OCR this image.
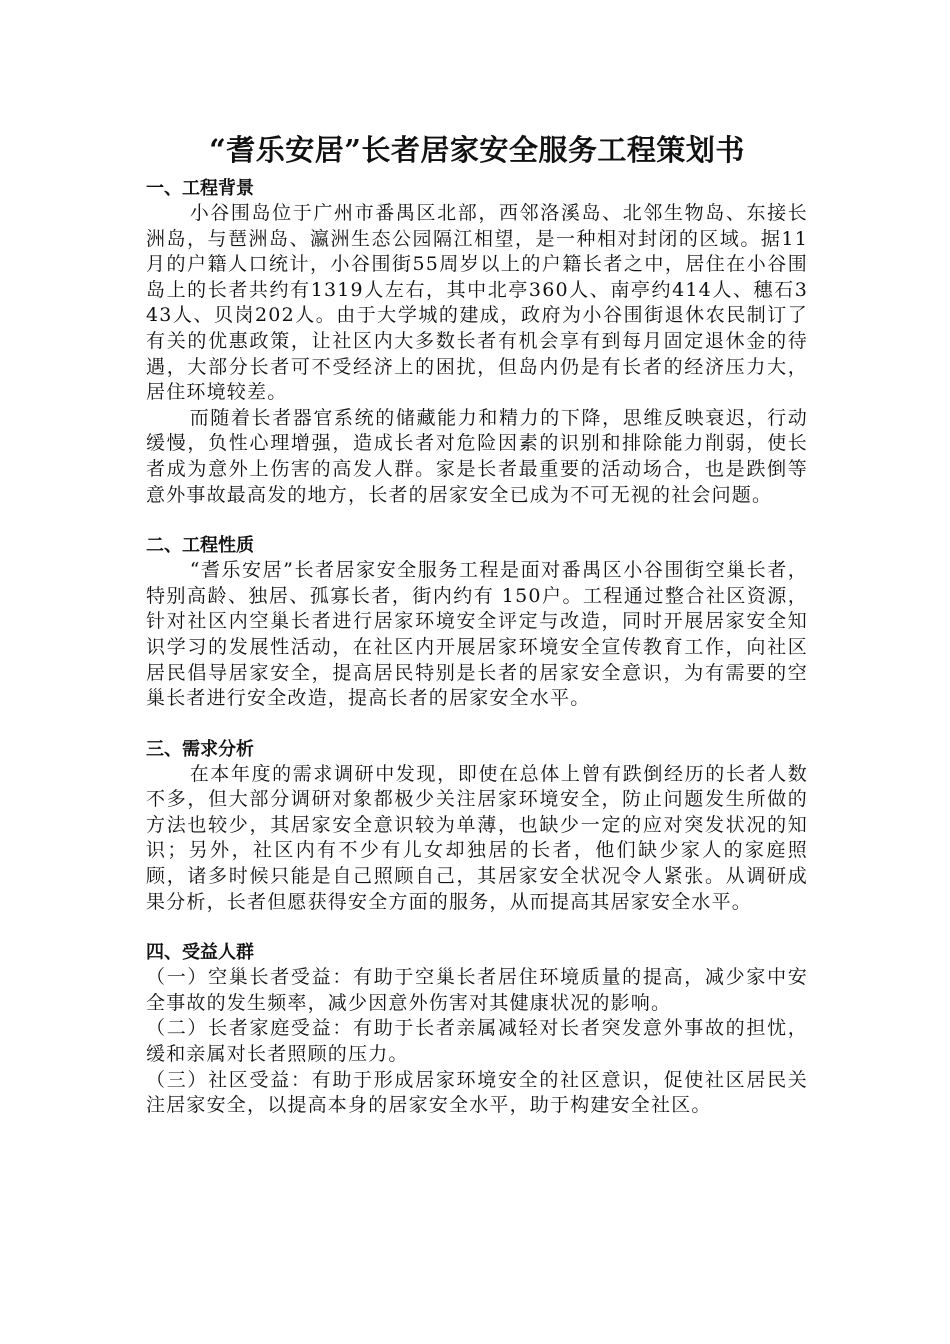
“耆乐安居”长者居家安全服务工程策划书
一、工程背景

小谷围岛位于广州市番禺区北部，西邻洛溪岛、北邻生物岛、东接长洲岛，与琶洲岛、瀛洲生态公园隔江相望，是一种相对封闭的区域。据11月的户籍人口统计，小谷围街55周岁以上的户籍长者之中，居住在小谷围岛上的长者共约有1319人左右，其中北亭360人、南亭约414人、穗石343人、贝岗202人。由于大学城的建成，政府为小谷围街退休农民制订了有关的优惠政策，让社区内大多数长者有机会享有到每月固定退休金的待遇，大部分长者可不受经济上的困扰，但岛内仍是有长者的经济压力大，居住环境较差。

而随着长者器官系统的储藏能力和精力的下降，思维反映衰迟，行动缓慢，负性心理增强，造成长者对危险因素的识别和排除能力削弱，使长者成为意外上伤害的高发人群。家是长者最重要的活动场合，也是跌倒等意外事故最高发的地方，长者的居家安全已成为不可无视的社会问题。

二、工程性质

“耆乐安居”长者居家安全服务工程是面对番禺区小谷围街空巢长者，特别高龄、独居、孤寡长者，街内约有 150户。工程通过整合社区资源，针对社区内空巢长者进行居家环境安全评定与改造，同时开展居家安全知识学习的发展性活动，在社区内开展居家环境安全宣传教育工作，向社区居民倡导居家安全，提高居民特别是长者的居家安全意识，为有需要的空巢长者进行安全改造，提高长者的居家安全水平。

三、需求分析

在本年度的需求调研中发现，即使在总体上曾有跌倒经历的长者人数不多，但大部分调研对象都极少关注居家环境安全，防止问题发生所做的方法也较少，其居家安全意识较为单薄，也缺少一定的应对突发状况的知识；另外，社区内有不少有儿女却独居的长者，他们缺少家人的家庭照顾，诸多时候只能是自己照顾自己，其居家安全状况令人紧张。从调研成果分析，长者但愿获得安全方面的服务，从而提高其居家安全水平。

四、受益人群

（一）空巢长者受益：有助于空巢长者居住环境质量的提高，减少家中安全事故的发生频率，减少因意外伤害对其健康状况的影响。

（二）长者家庭受益：有助于长者亲属减轻对长者突发意外事故的担忧，缓和亲属对长者照顾的压力。

（三）社区受益：有助于形成居家环境安全的社区意识，促使社区居民关注居家安全，以提高本身的居家安全水平，助于构建安全社区。
